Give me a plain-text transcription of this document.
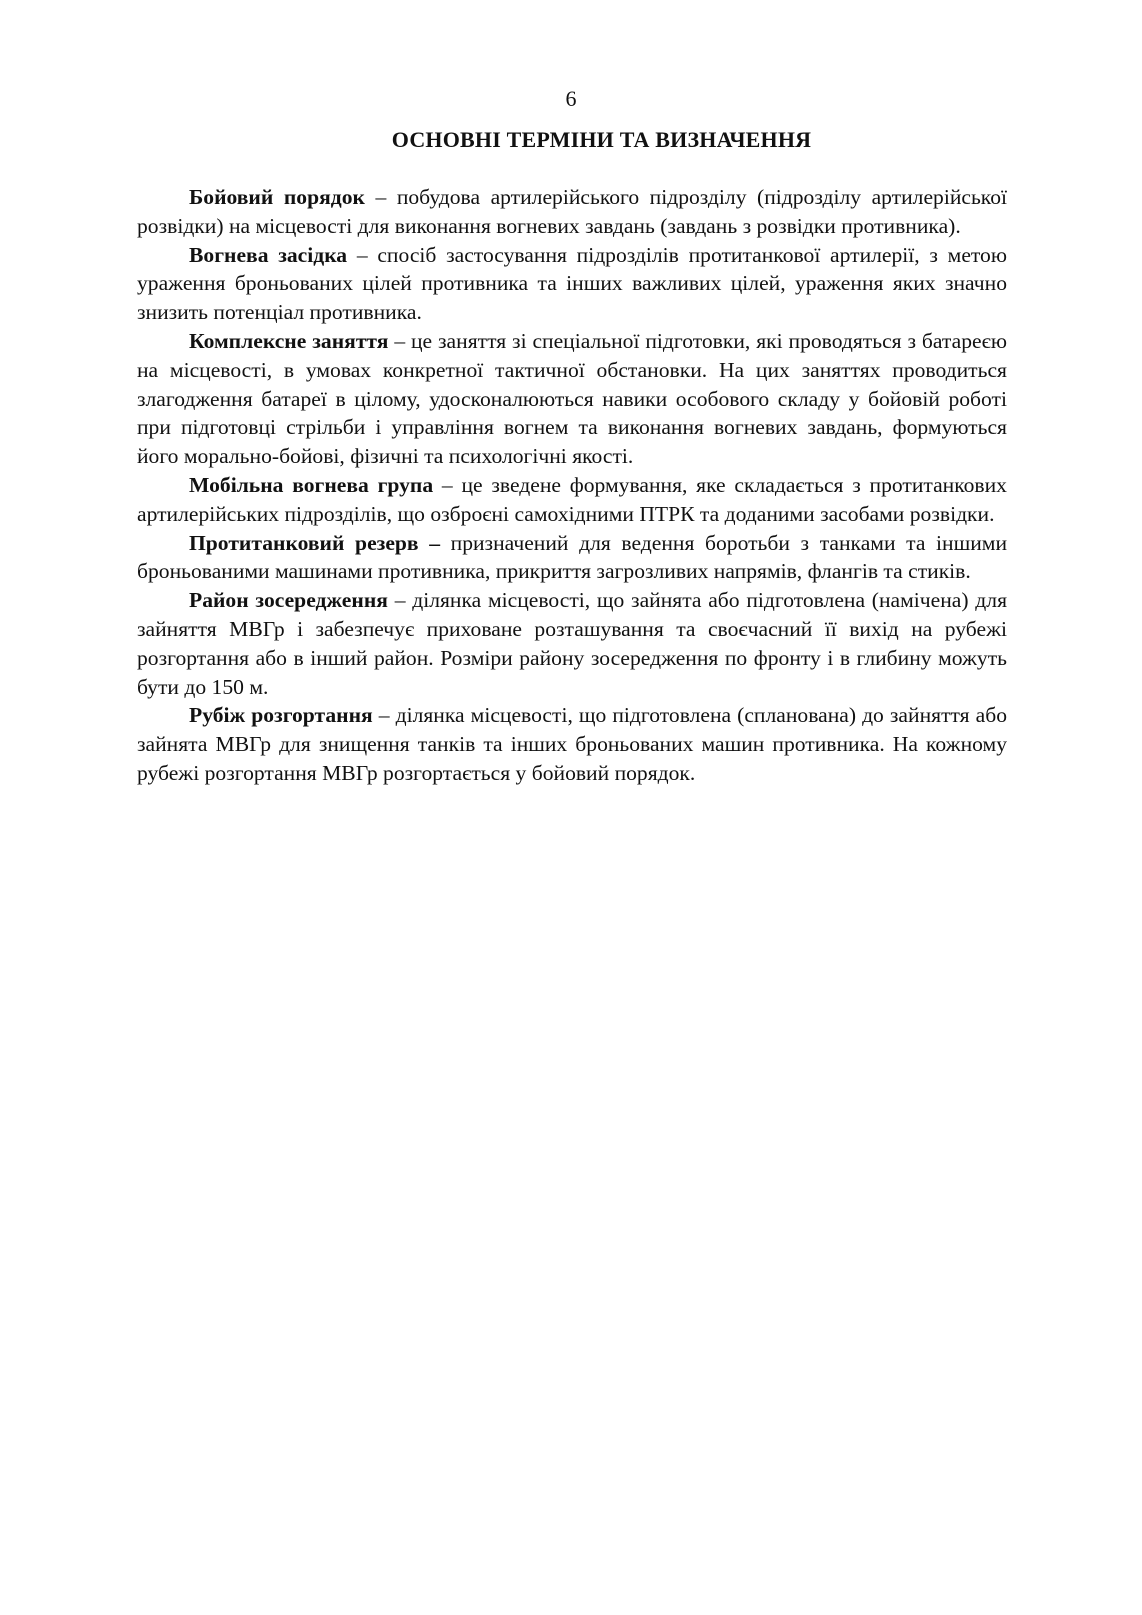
6
ОСНОВНІ ТЕРМІНИ ТА ВИЗНАЧЕННЯ

Бойовий порядок – побудова артилерійського підрозділу (підрозділу артилерійської розвідки) на місцевості для виконання вогневих завдань (завдань з розвідки противника).

Вогнева засідка – спосіб застосування підрозділів протитанкової артилерії, з метою ураження броньованих цілей противника та інших важливих цілей, ураження яких значно знизить потенціал противника.

Комплексне заняття – це заняття зі спеціальної підготовки, які проводяться з батареєю на місцевості, в умовах конкретної тактичної обстановки. На цих заняттях проводиться злагодження батареї в цілому, удосконалюються навики особового складу у бойовій роботі при підготовці стрільби і управління вогнем та виконання вогневих завдань, формуються його морально-бойові, фізичні та психологічні якості.

Мобільна вогнева група – це зведене формування, яке складається з протитанкових артилерійських підрозділів, що озброєні самохідними ПТРК та доданими засобами розвідки.

Протитанковий резерв – призначений для ведення боротьби з танками та іншими броньованими машинами противника, прикриття загрозливих напрямів, флангів та стиків.

Район зосередження – ділянка місцевості, що зайнята або підготовлена (намічена) для зайняття МВГр і забезпечує приховане розташування та своєчасний її вихід на рубежі розгортання або в інший район. Розміри району зосередження по фронту і в глибину можуть бути до 150 м.

Рубіж розгортання – ділянка місцевості, що підготовлена (спланована) до зайняття або зайнята МВГр для знищення танків та інших броньованих машин противника. На кожному рубежі розгортання МВГр розгортається у бойовий порядок.
